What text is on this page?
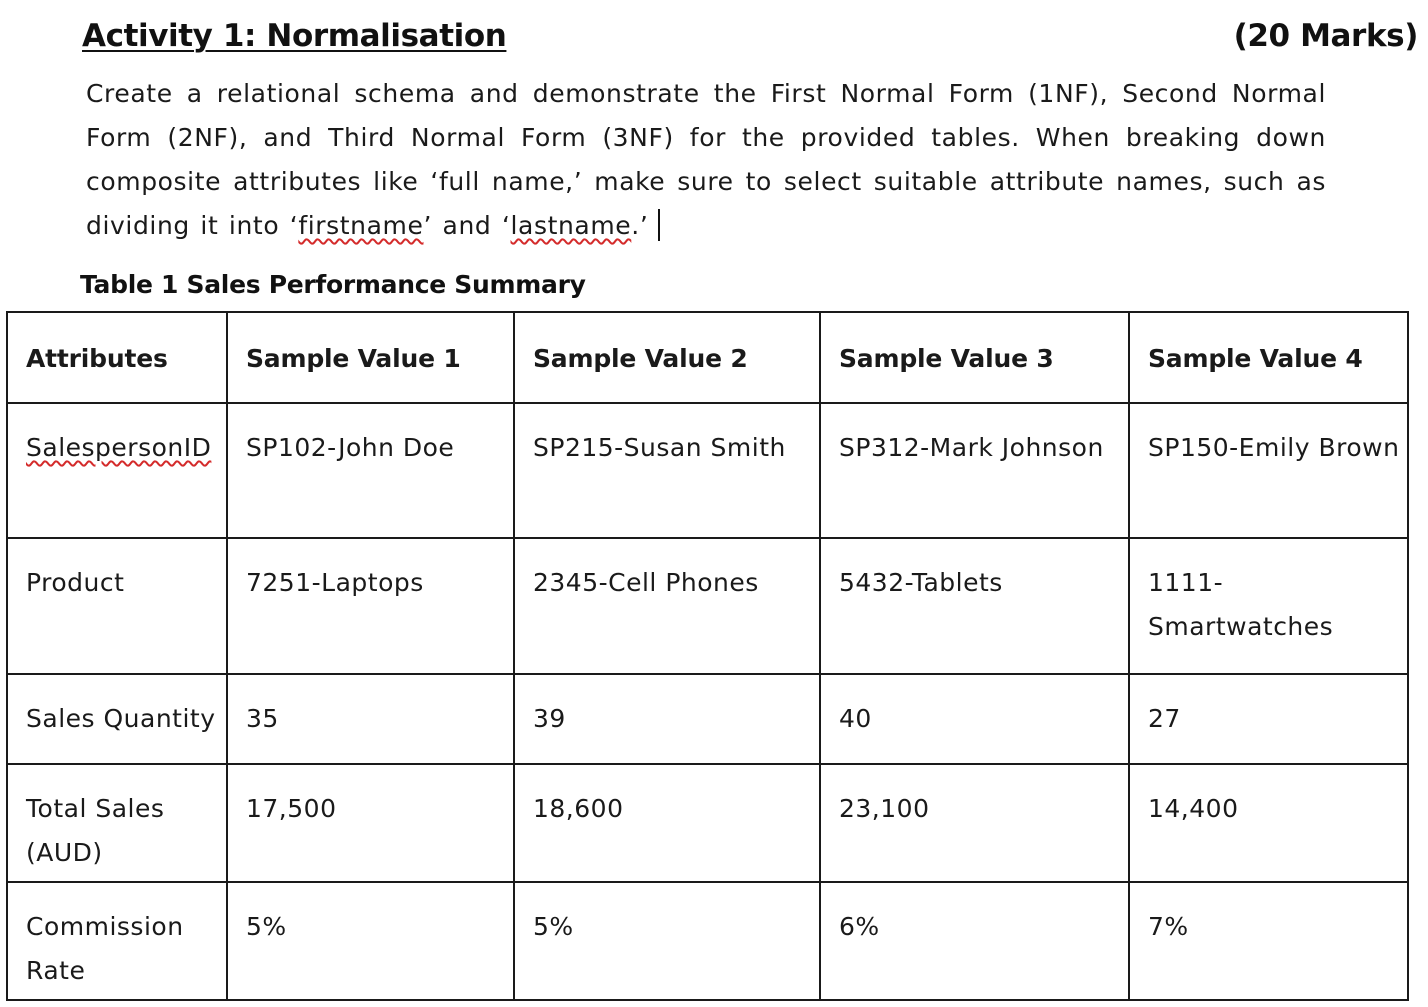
Activity 1: Normalisation	(20 Marks)
Create a relational schema and demonstrate the First Normal Form (1NF), Second Normal
Form (2NF), and Third Normal Form (3NF) for the provided tables. When breaking down
composite attributes like ‘full name,’ make sure to select suitable attribute names, such as
dividing it into ‘firstname’ and ‘lastname.’
Table 1 Sales Performance Summary
Attributes	Sample Value 1	Sample Value 2	Sample Value 3	Sample Value 4
SalespersonID	SP102-John Doe	SP215-Susan Smith	SP312-Mark Johnson	SP150-Emily Brown
Product	7251-Laptops	2345-Cell Phones	5432-Tablets	1111-Smartwatches
Sales Quantity	35	39	40	27
Total Sales (AUD)	17,500	18,600	23,100	14,400
Commission Rate	5%	5%	6%	7%
